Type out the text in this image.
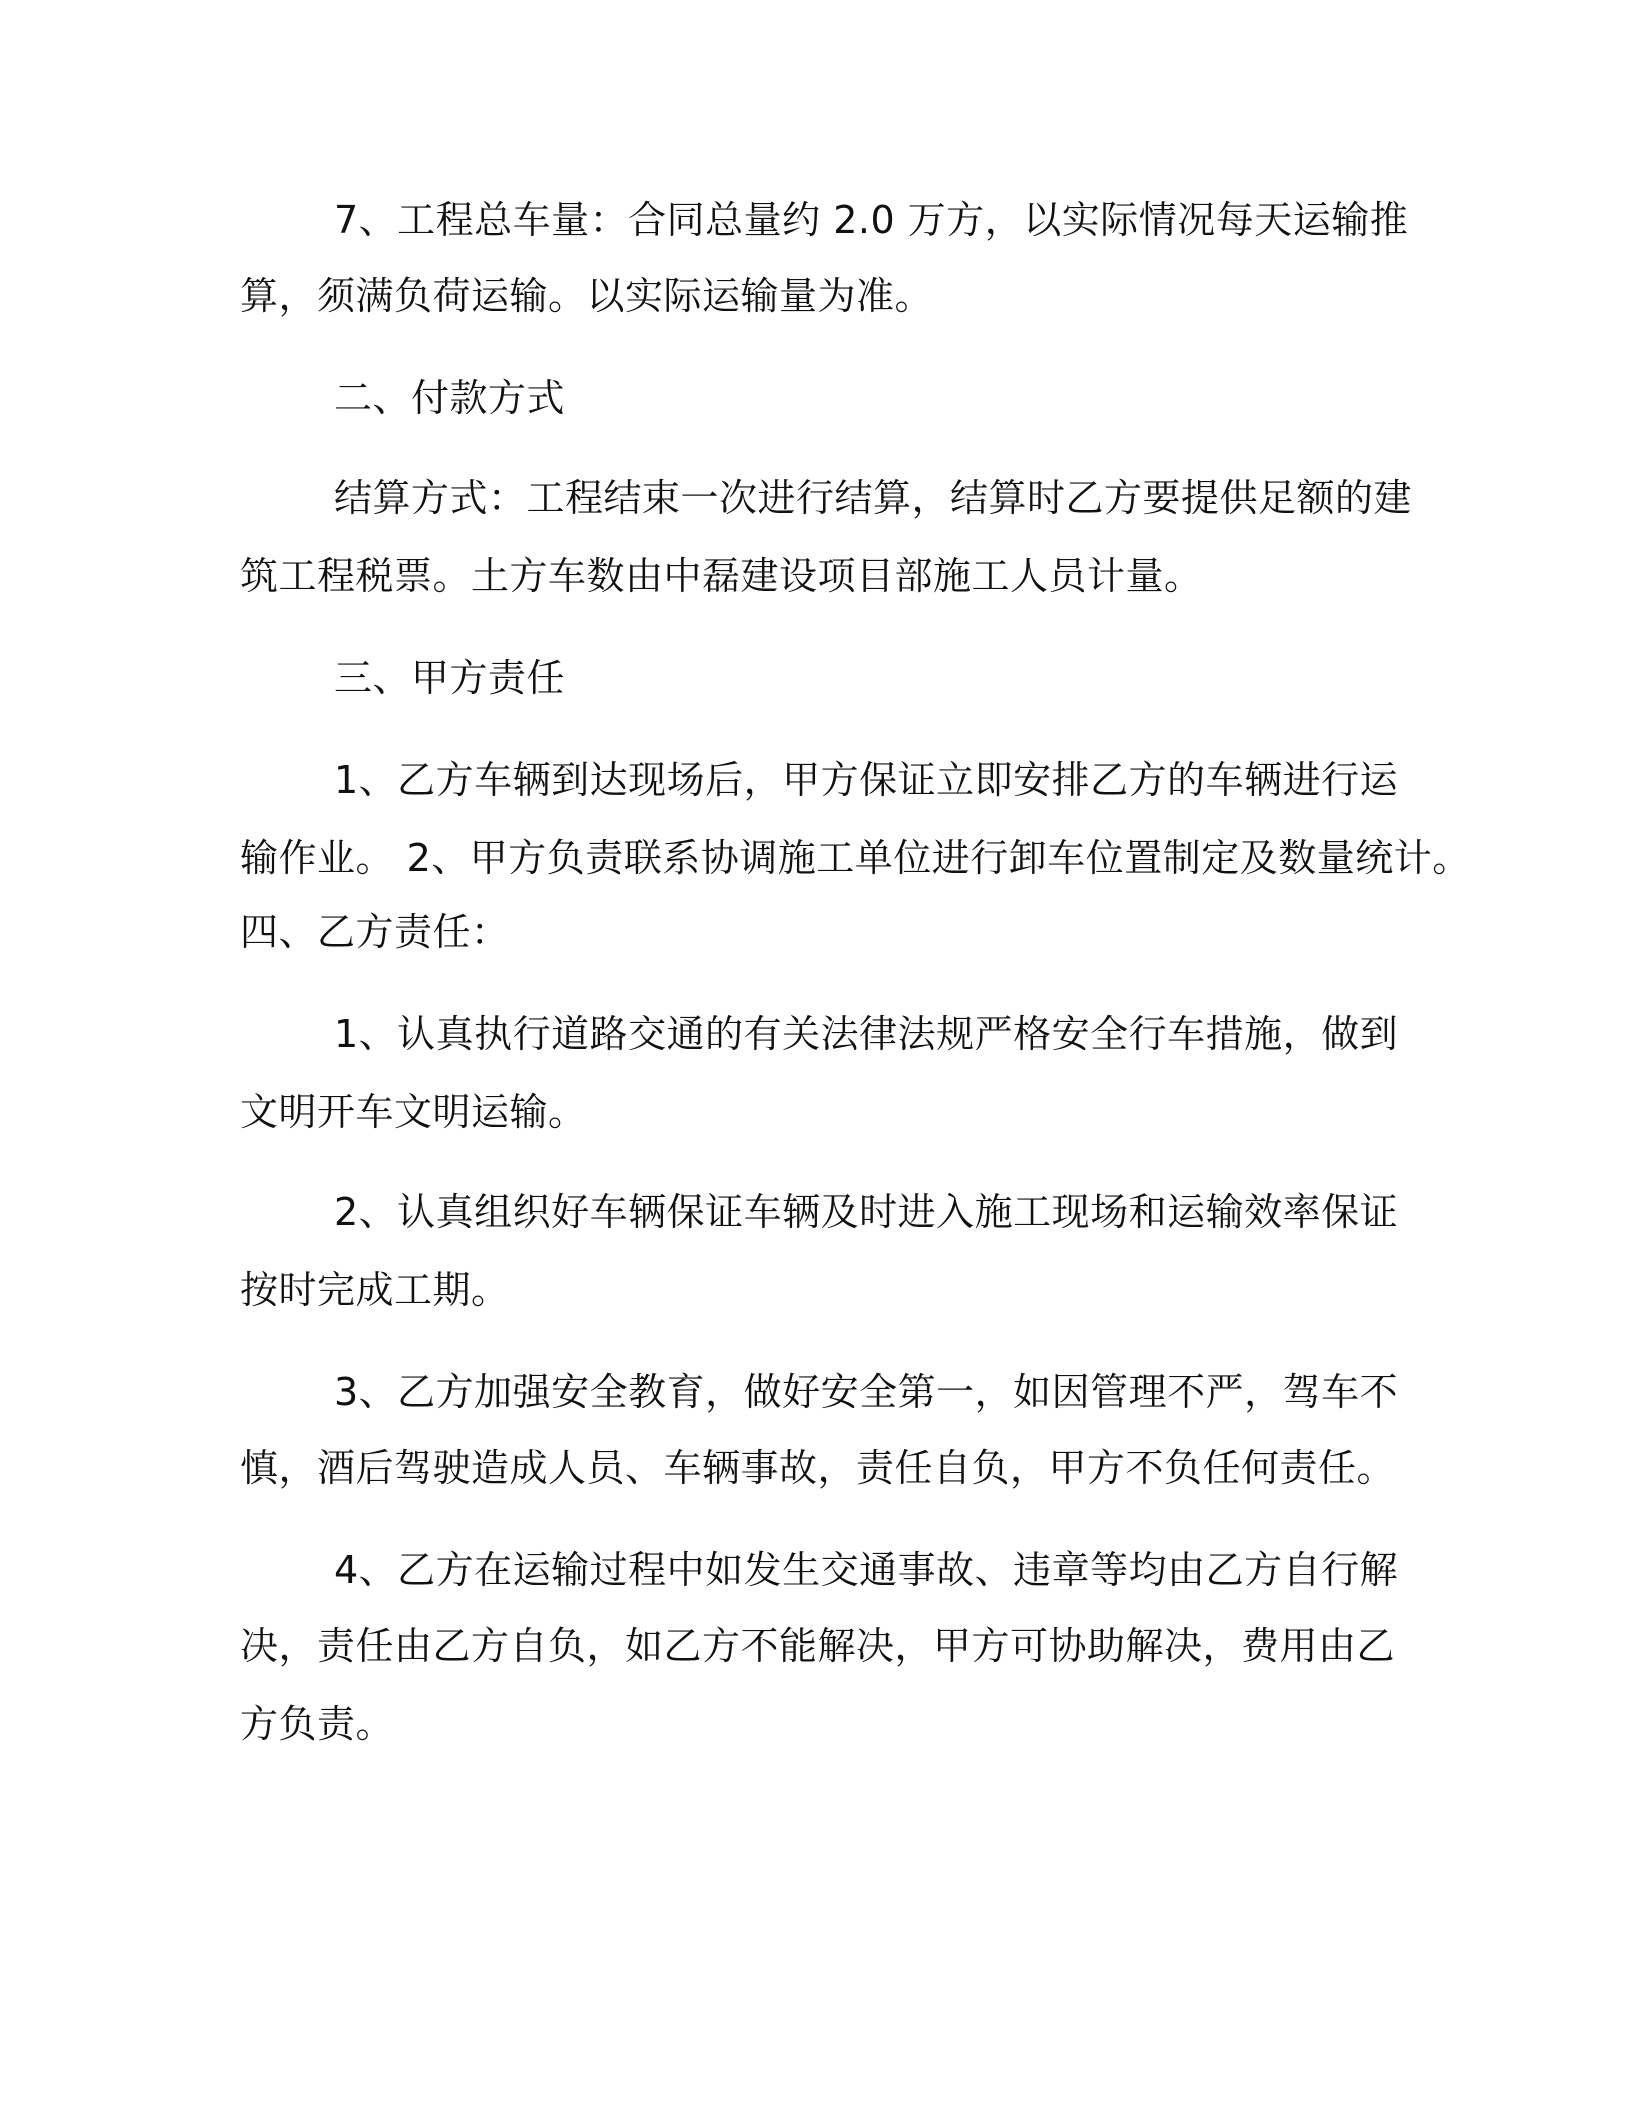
7、工程总车量：合同总量约 2.0 万方，以实际情况每天运输推
算，须满负荷运输。以实际运输量为准。
二、付款方式
结算方式：工程结束一次进行结算，结算时乙方要提供足额的建
筑工程税票。土方车数由中磊建设项目部施工人员计量。
三、甲方责任
1、乙方车辆到达现场后，甲方保证立即安排乙方的车辆进行运
输作业。 2、甲方负责联系协调施工单位进行卸车位置制定及数量统计。
四、乙方责任：
1、认真执行道路交通的有关法律法规严格安全行车措施，做到
文明开车文明运输。
2、认真组织好车辆保证车辆及时进入施工现场和运输效率保证
按时完成工期。
3、乙方加强安全教育，做好安全第一，如因管理不严，驾车不
慎，酒后驾驶造成人员、车辆事故，责任自负，甲方不负任何责任。
4、乙方在运输过程中如发生交通事故、违章等均由乙方自行解
决，责任由乙方自负，如乙方不能解决，甲方可协助解决，费用由乙
方负责。
